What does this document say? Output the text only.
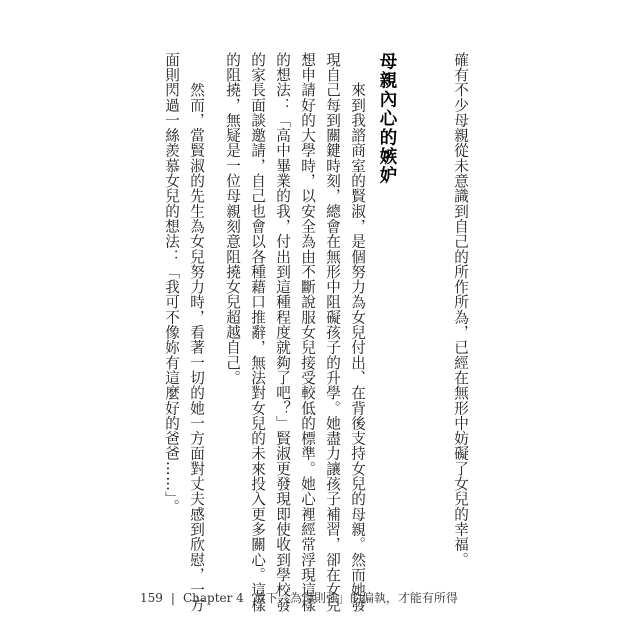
確有不少母親從未意識到自己的所作所為，已經在無形中妨礙了女兒的幸福。
母親內心的嫉妒
　　來到我諮商室的賢淑，是個努力為女兒付出、在背後支持女兒的母親。然而她發
現自己每到關鍵時刻，總會在無形中阻礙孩子的升學。她盡力讓孩子補習，卻在女兒
想申請好的大學時，以安全為由不斷說服女兒接受較低的標準。她心裡經常浮現這樣
的想法：「高中畢業的我，付出到這種程度就夠了吧？」賢淑更發現即使收到學校發
的家長面談邀請，自己也會以各種藉口推辭，無法對女兒的未來投入更多關心。這樣
的阻撓，無疑是一位母親刻意阻撓女兒超越自己。
　　然而，當賢淑的先生為女兒努力時，看著一切的她一方面對丈夫感到欣慰，一方
面則閃過一絲羨慕女兒的想法：「我可不像妳有這麼好的爸爸……」。
159 | Chapter 4 放下「為母則強」的偏執，才能有所得
